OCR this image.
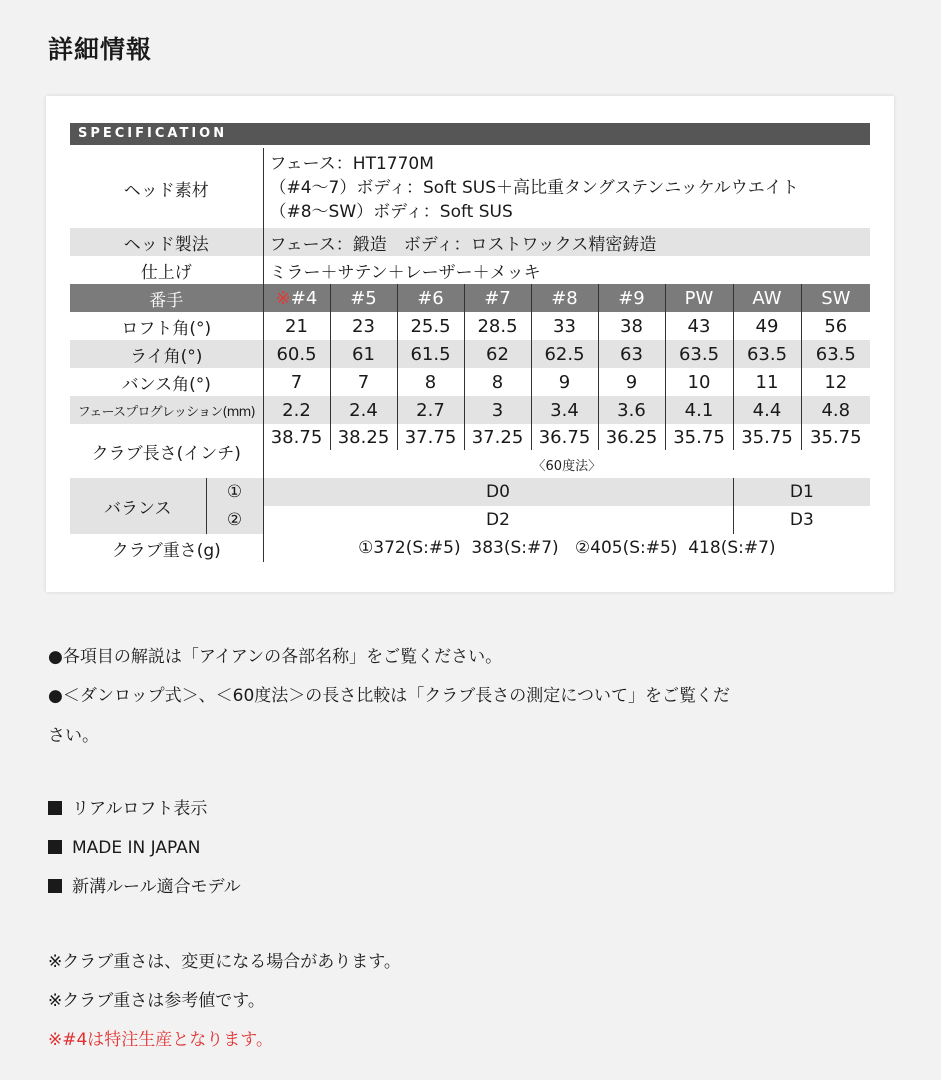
詳細情報
SPECIFICATION
ヘッド素材		フェース：HT1770M
（#4〜7）ボディ：Soft SUS＋高比重タングステンニッケルウエイト
（#8〜SW）ボディ：Soft SUS								

ヘッド製法		フェース：鍛造　ボディ：ロストワックス精密鋳造								
仕上げ		ミラー＋サテン＋レーザー＋メッキ								
番手		※#4	#5	#6	#7	#8	#9	PW	AW	SW
ロフト角(°)		21	23	25.5	28.5	33	38	43	49	56
ライ角(°)		60.5	61	61.5	62	62.5	63	63.5	63.5	63.5
バンス角(°)		7	7	8	8	9	9	10	11	12
フェースプログレッション(mm)		2.2	2.4	2.7	3	3.4	3.6	4.1	4.4	4.8
クラブ長さ(インチ)		38.75	38.25	37.75	37.25	36.75	36.25	35.75	35.75	35.75
		〈60度法〉								
バランス	①	D0							D1	
	②	D2							D3	
クラブ重さ(g)		①372(S:#5)  383(S:#7)   ②405(S:#5)  418(S:#7)								
●各項目の解説は「アイアンの各部名称」をご覧ください。
●＜ダンロップ式＞、＜60度法＞の長さ比較は「クラブ長さの測定について」をご覧くだ
さい。
リアルロフト表示
MADE IN JAPAN
新溝ルール適合モデル
※クラブ重さは、変更になる場合があります。
※クラブ重さは参考値です。
※#4は特注生産となります。
